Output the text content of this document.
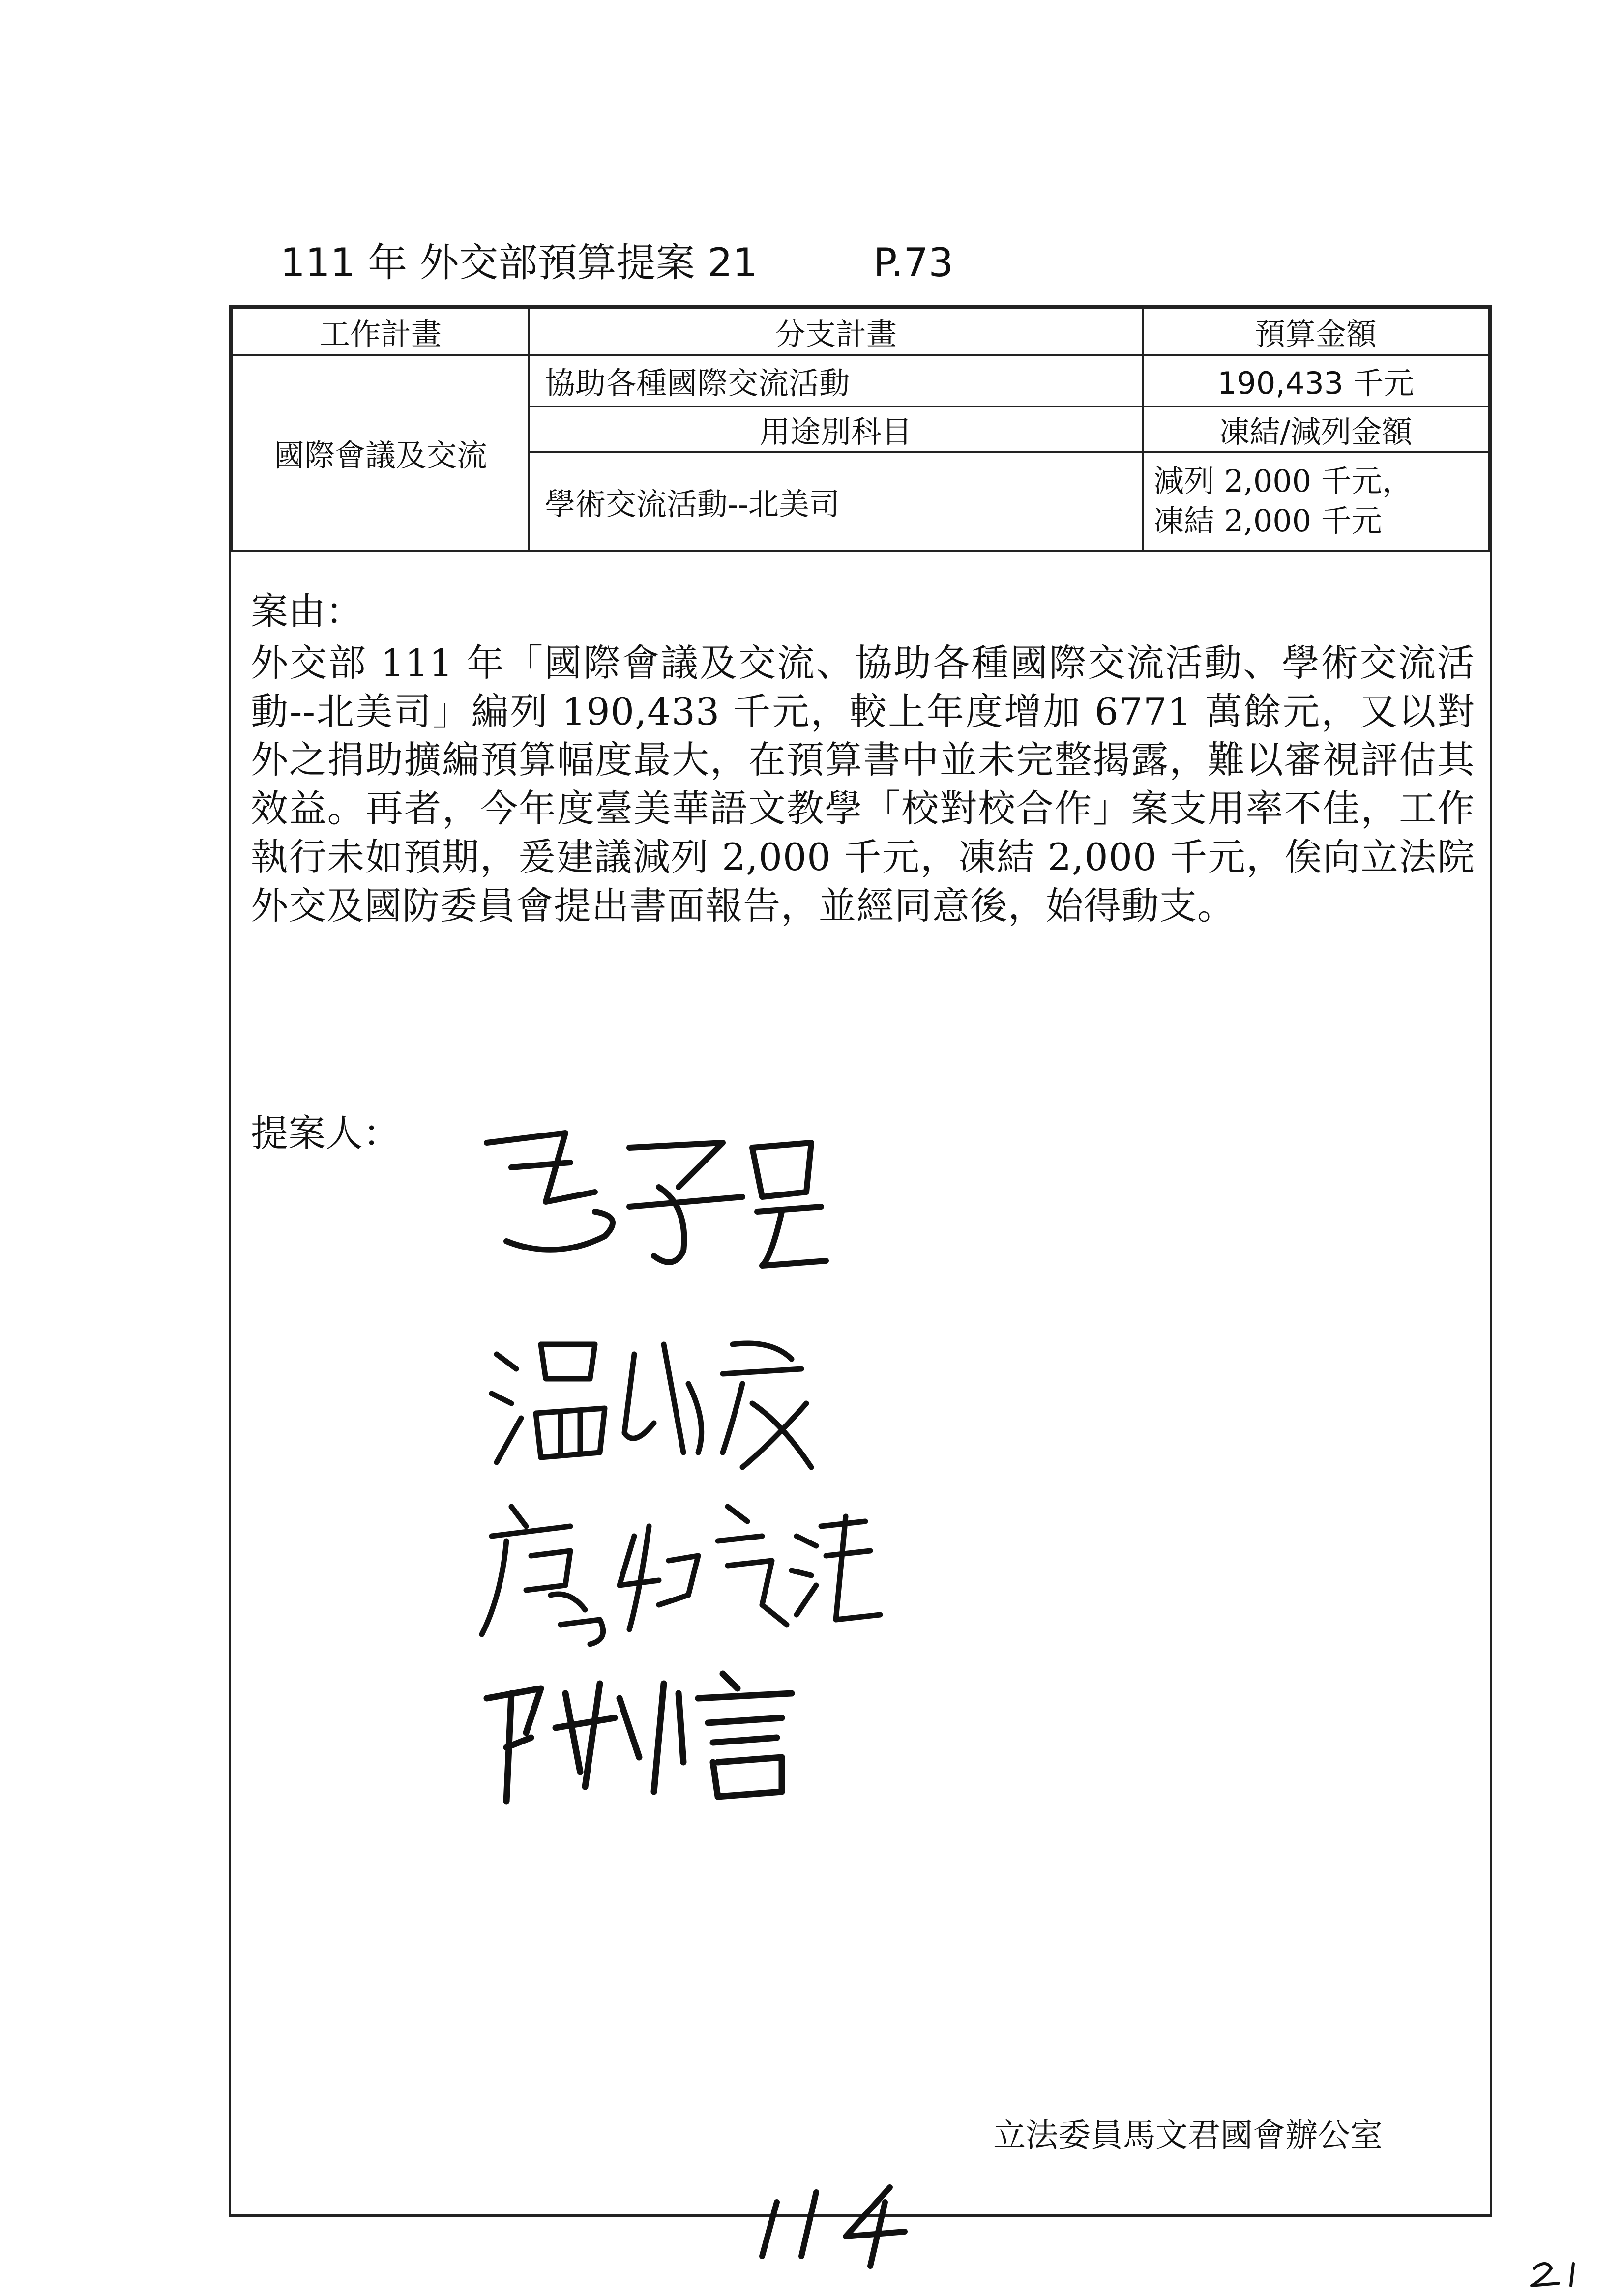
111 年 外交部預算提案 21	P.73
工作計畫	分支計畫	預算金額
國際會議及交流	協助各種國際交流活動	190,433 千元
	用途別科目	凍結/減列金額
	學術交流活動--北美司	減列 2,000 千元，
凍結 2,000 千元
案由：
外交部 111 年「國際會議及交流、協助各種國際交流活動、學術交流活動--北美司」編列 190,433 千元，較上年度增加 6771 萬餘元，又以對外之捐助擴編預算幅度最大，在預算書中並未完整揭露，難以審視評估其效益。再者，今年度臺美華語文教學「校對校合作」案支用率不佳，工作執行未如預期，爰建議減列 2,000 千元，凍結 2,000 千元，俟向立法院外交及國防委員會提出書面報告，並經同意後，始得動支。
提案人：
立法委員馬文君國會辦公室
